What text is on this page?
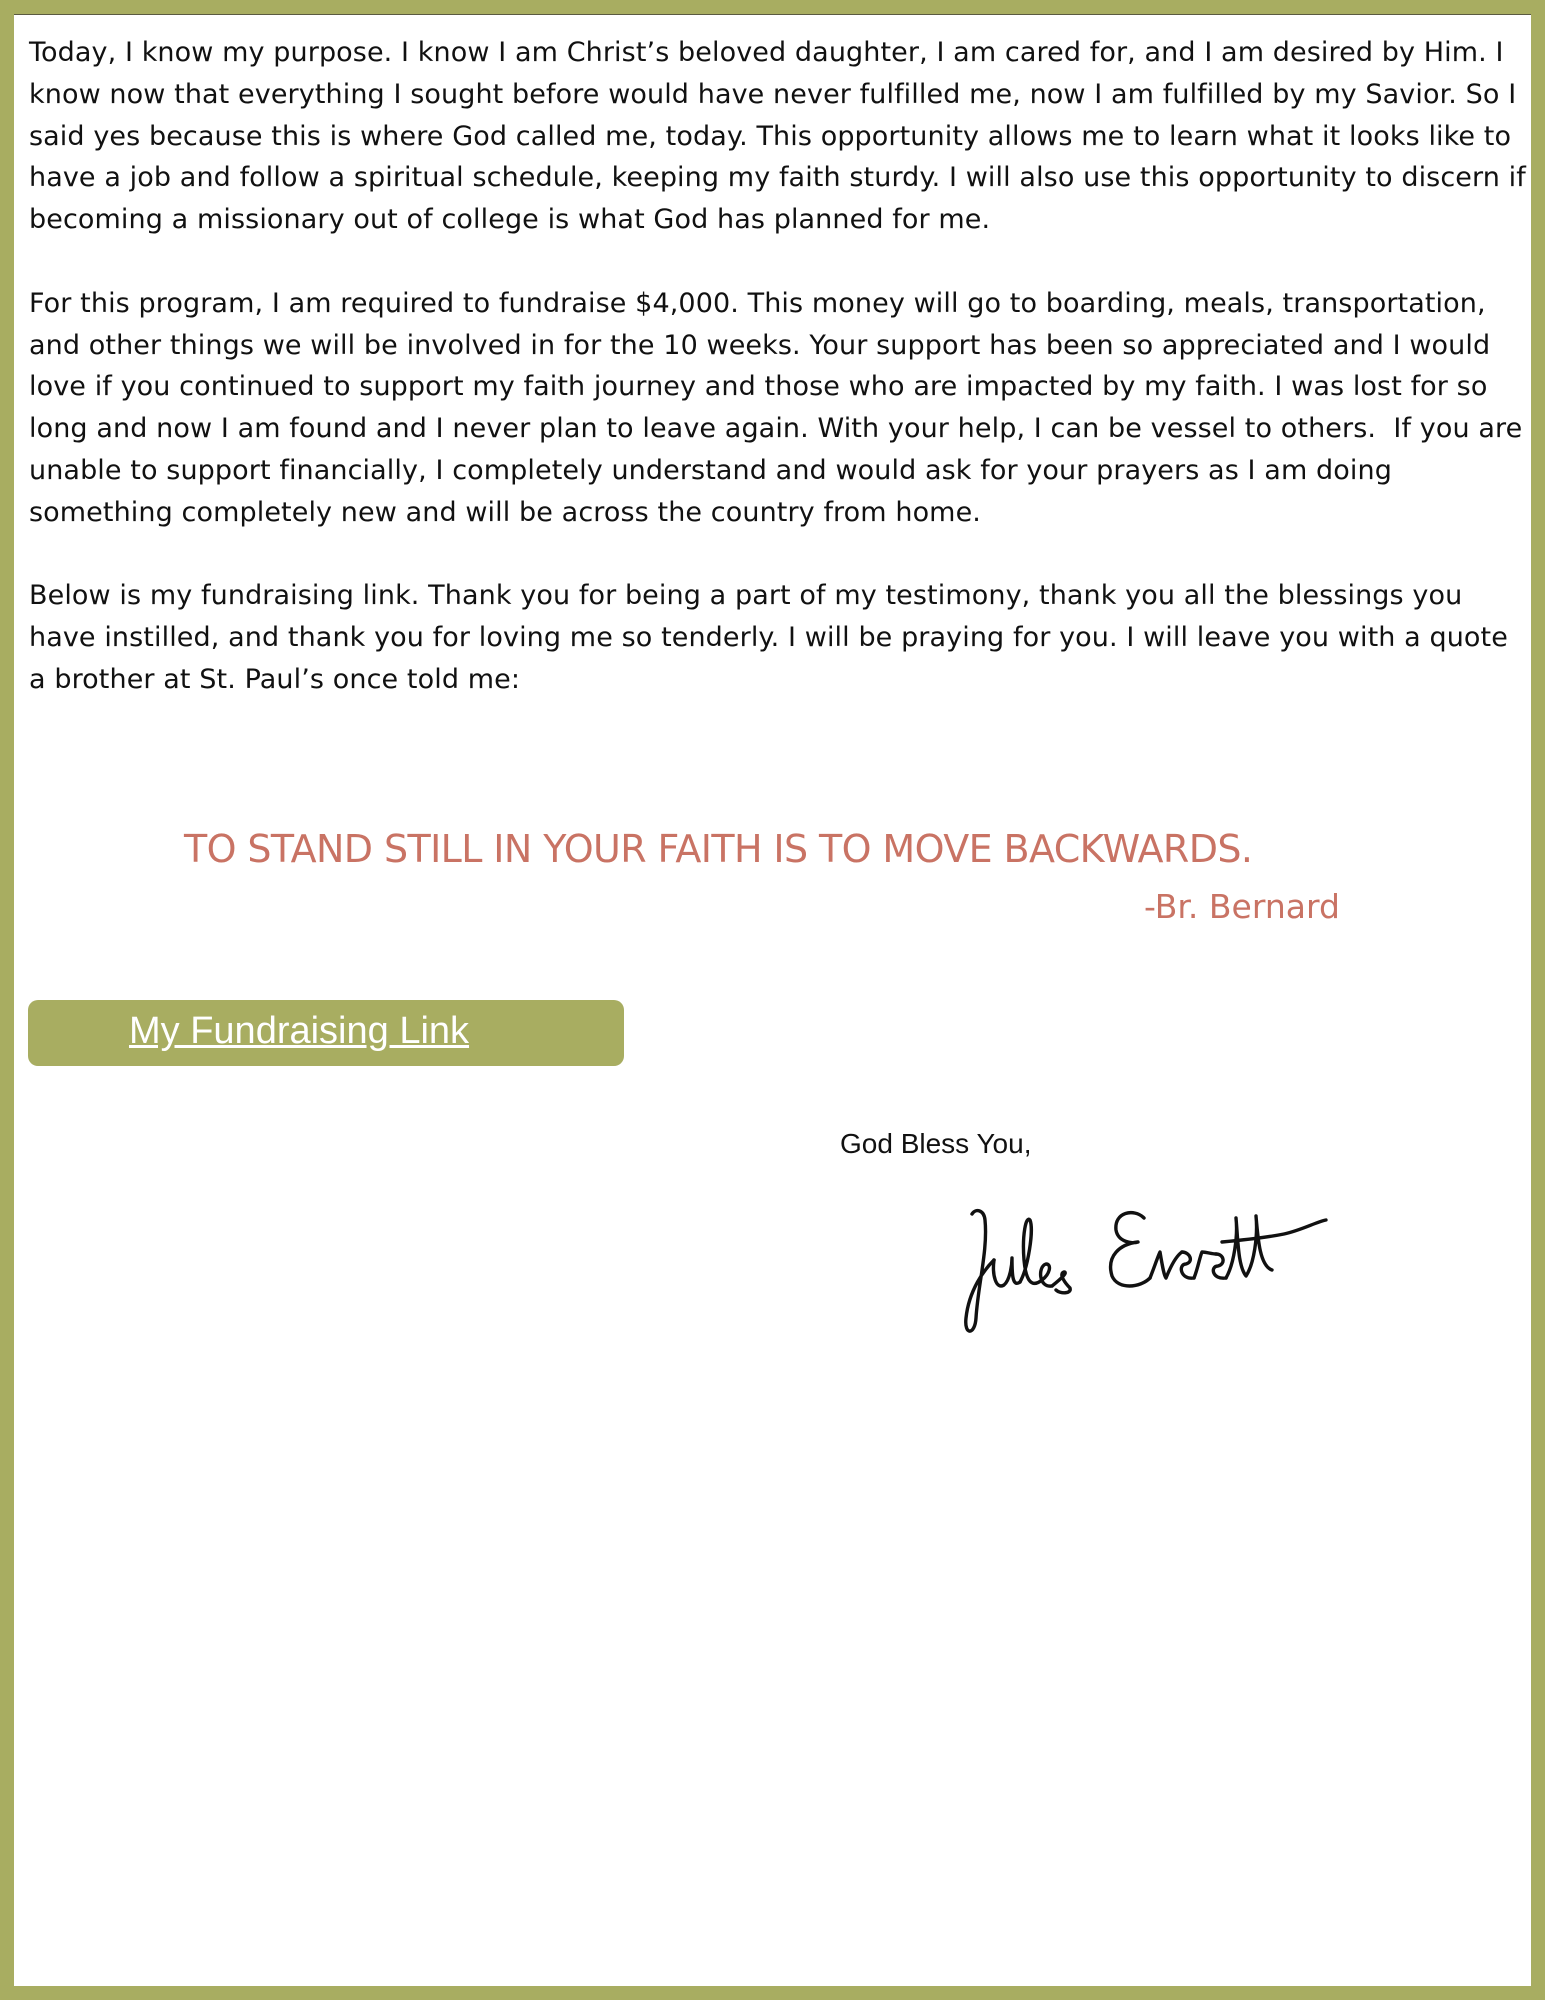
Today, I know my purpose. I know I am Christ’s beloved daughter, I am cared for, and I am desired by Him. I know now that everything I sought before would have never fulfilled me, now I am fulfilled by my Savior. So I said yes because this is where God called me, today. This opportunity allows me to learn what it looks like to have a job and follow a spiritual schedule, keeping my faith sturdy. I will also use this opportunity to discern if becoming a missionary out of college is what God has planned for me.

For this program, I am required to fundraise $4,000. This money will go to boarding, meals, transportation, and other things we will be involved in for the 10 weeks. Your support has been so appreciated and I would love if you continued to support my faith journey and those who are impacted by my faith. I was lost for so long and now I am found and I never plan to leave again. With your help, I can be vessel to others.  If you are unable to support financially, I completely understand and would ask for your prayers as I am doing something completely new and will be across the country from home.

Below is my fundraising link. Thank you for being a part of my testimony, thank you all the blessings you have instilled, and thank you for loving me so tenderly. I will be praying for you. I will leave you with a quote a brother at St. Paul’s once told me:

TO STAND STILL IN YOUR FAITH IS TO MOVE BACKWARDS.
-Br. Bernard
My Fundraising Link
God Bless You,
